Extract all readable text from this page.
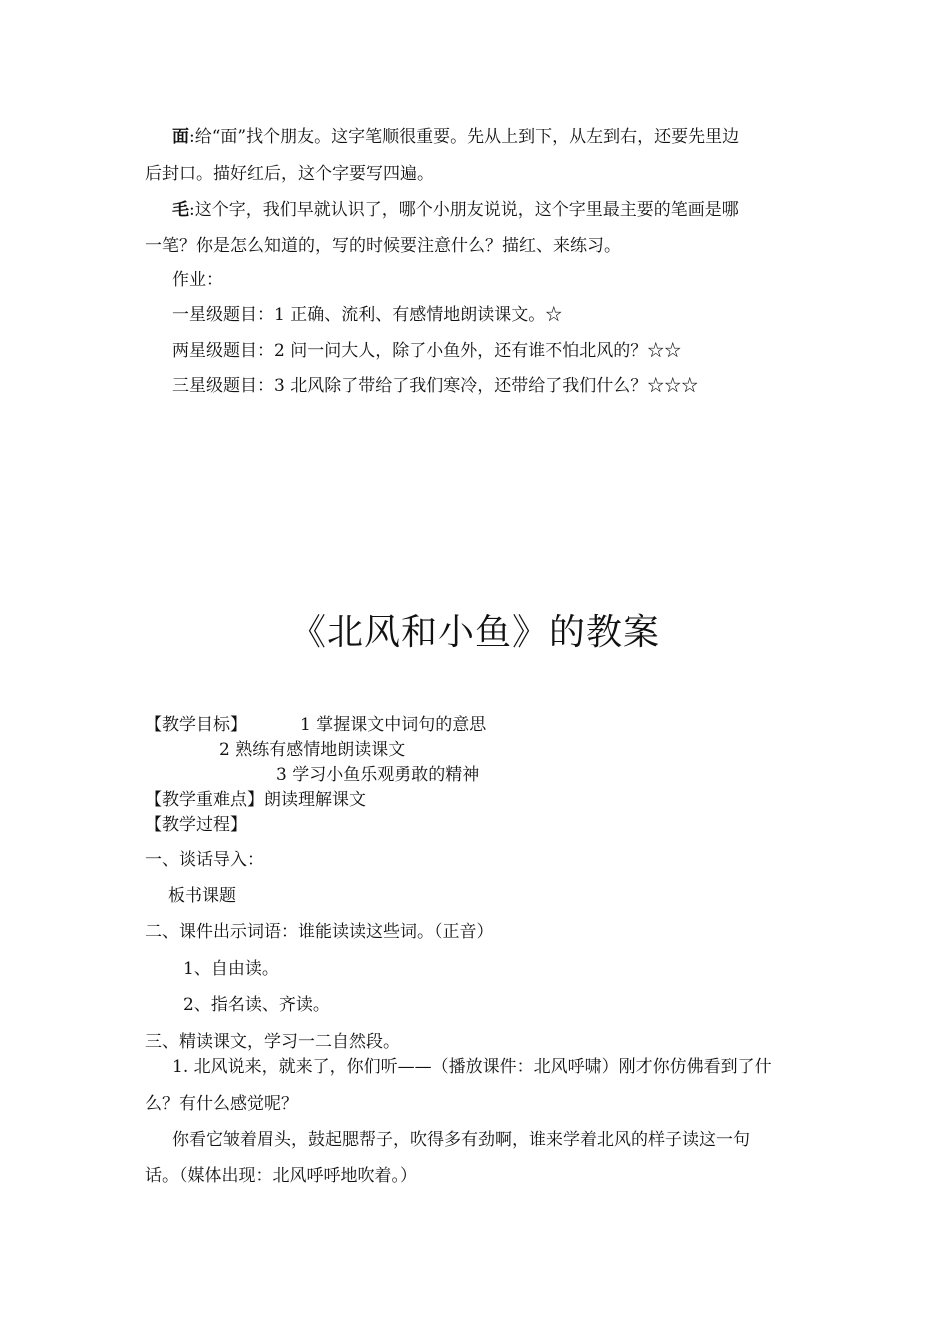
面:给“面”找个朋友。这字笔顺很重要。先从上到下，从左到右，还要先里边
后封口。描好红后，这个字要写四遍。
毛:这个字，我们早就认识了，哪个小朋友说说，这个字里最主要的笔画是哪
一笔？你是怎么知道的，写的时候要注意什么？描红、来练习。
作业：
一星级题目：1 正确、流利、有感情地朗读课文。☆
两星级题目：2 问一问大人，除了小鱼外，还有谁不怕北风的？☆☆
三星级题目：3 北风除了带给了我们寒冷，还带给了我们什么？☆☆☆
《北风和小鱼》的教案
【教学目标】	1 掌握课文中词句的意思
2 熟练有感情地朗读课文
3 学习小鱼乐观勇敢的精神
【教学重难点】朗读理解课文
【教学过程】
一、谈话导入：
板书课题
二、课件出示词语：谁能读读这些词。（正音）
1、自由读。
2、指名读、齐读。
三、精读课文，学习一二自然段。
1. 北风说来，就来了，你们听——（播放课件：北风呼啸）刚才你仿佛看到了什
么？有什么感觉呢？
你看它皱着眉头，鼓起腮帮子，吹得多有劲啊，谁来学着北风的样子读这一句
话。（媒体出现：北风呼呼地吹着。）
